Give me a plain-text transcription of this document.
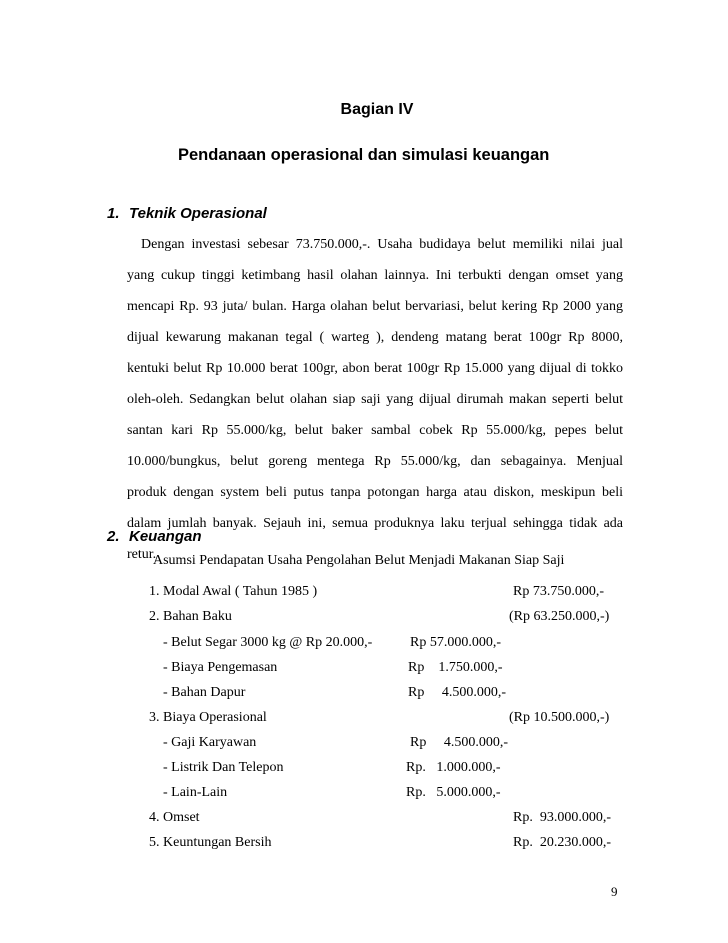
Bagian IV
Pendanaan operasional dan simulasi keuangan
1. Teknik Operasional
Dengan investasi sebesar 73.750.000,-. Usaha budidaya belut memiliki nilai jual
yang cukup tinggi ketimbang hasil olahan lainnya. Ini terbukti dengan omset yang
mencapi Rp. 93 juta/ bulan. Harga olahan belut bervariasi, belut kering Rp 2000 yang
dijual kewarung makanan tegal ( warteg ), dendeng matang berat 100gr Rp 8000,
kentuki belut Rp 10.000 berat 100gr, abon berat 100gr Rp 15.000 yang dijual di tokko
oleh-oleh. Sedangkan belut olahan siap saji yang dijual dirumah makan seperti belut
santan kari Rp 55.000/kg, belut baker sambal cobek Rp 55.000/kg, pepes belut
10.000/bungkus, belut goreng mentega Rp 55.000/kg, dan sebagainya. Menjual
produk dengan system beli putus tanpa potongan harga atau diskon, meskipun beli
dalam jumlah banyak. Sejauh ini, semua produknya laku terjual sehingga tidak ada
retur.
2. Keuangan
Asumsi Pendapatan Usaha Pengolahan Belut Menjadi Makanan Siap Saji
1. Modal Awal ( Tahun 1985 )	Rp 73.750.000,-
2. Bahan Baku	(Rp 63.250.000,-)
- Belut Segar 3000 kg @ Rp 20.000,-	Rp 57.000.000,-
- Biaya Pengemasan	Rp    1.750.000,-
- Bahan Dapur	Rp     4.500.000,-
3. Biaya Operasional	(Rp 10.500.000,-)
- Gaji Karyawan	Rp     4.500.000,-
- Listrik Dan Telepon	Rp.   1.000.000,-
- Lain-Lain	Rp.   5.000.000,-
4. Omset	Rp.  93.000.000,-
5. Keuntungan Bersih	Rp.  20.230.000,-
9
